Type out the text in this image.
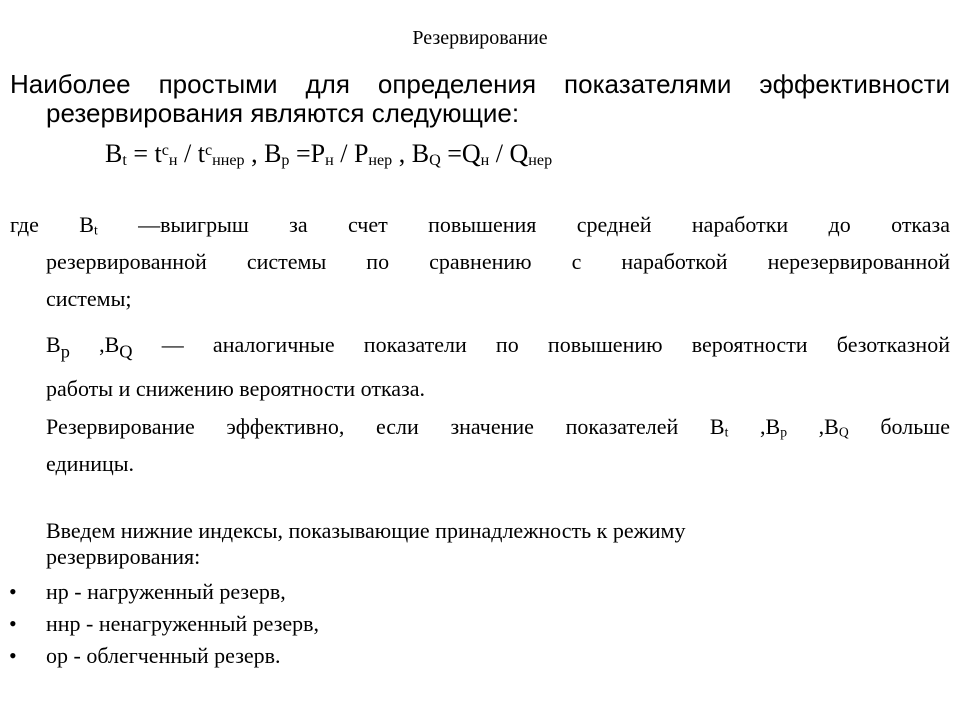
Резервирование
Наиболее простыми для определения показателями эффективности
резервирования являются следующие:
$B_t = t^c_н / t^c_{ннер}$ , $B_p =P_н / P_{нер}$ , $B_Q =Q_н / Q_{нер}$
где $B_t$ —выигрыш за счет повышения средней наработки до отказа
резервированной системы по сравнению с наработкой нерезервированной
системы;
$B_p$ $,B_Q$ — аналогичные показатели по повышению вероятности безотказной
работы и снижению вероятности отказа.
Резервирование эффективно, если значение показателей $B_t$ $,B_p$ $,B_Q$ больше
единицы.
Введем нижние индексы, показывающие принадлежность к режиму
резервирования:
• нр - нагруженный резерв,
• ннр - ненагруженный резерв,
• ор - облегченный резерв.
